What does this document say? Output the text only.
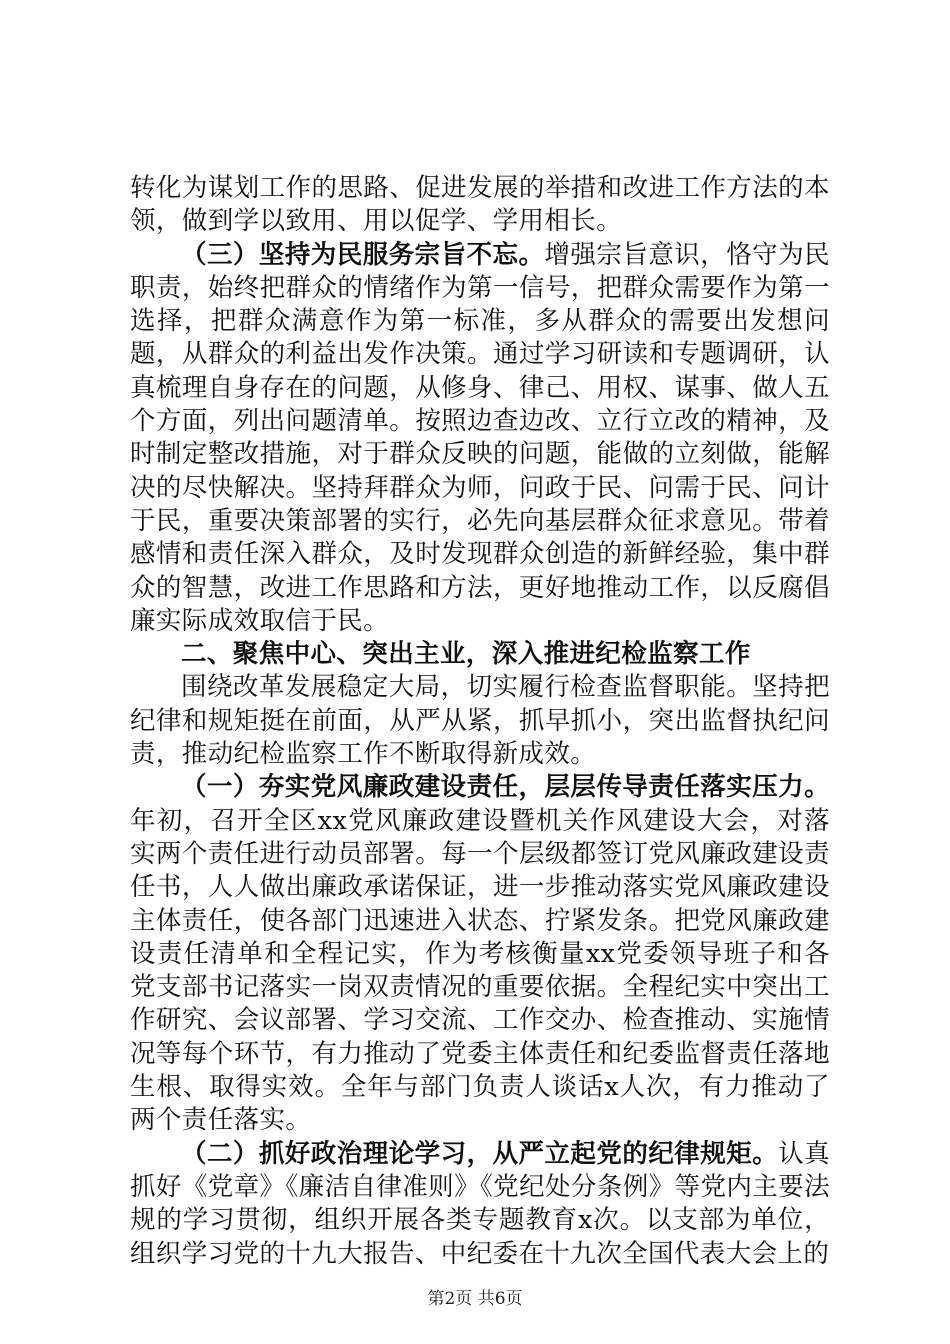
转化为谋划工作的思路、促进发展的举措和改进工作方法的本领，做到学以致用、用以促学、学用相长。

（三）坚持为民服务宗旨不忘。增强宗旨意识，恪守为民职责，始终把群众的情绪作为第一信号，把群众需要作为第一选择，把群众满意作为第一标准，多从群众的需要出发想问题，从群众的利益出发作决策。通过学习研读和专题调研，认真梳理自身存在的问题，从修身、律己、用权、谋事、做人五个方面，列出问题清单。按照边查边改、立行立改的精神，及时制定整改措施，对于群众反映的问题，能做的立刻做，能解决的尽快解决。坚持拜群众为师，问政于民、问需于民、问计于民，重要决策部署的实行，必先向基层群众征求意见。带着感情和责任深入群众，及时发现群众创造的新鲜经验，集中群众的智慧，改进工作思路和方法，更好地推动工作，以反腐倡廉实际成效取信于民。

二、聚焦中心、突出主业，深入推进纪检监察工作

围绕改革发展稳定大局，切实履行检查监督职能。坚持把纪律和规矩挺在前面，从严从紧，抓早抓小，突出监督执纪问责，推动纪检监察工作不断取得新成效。

（一）夯实党风廉政建设责任，层层传导责任落实压力。年初，召开全区xx党风廉政建设暨机关作风建设大会，对落实两个责任进行动员部署。每一个层级都签订党风廉政建设责任书，人人做出廉政承诺保证，进一步推动落实党风廉政建设主体责任，使各部门迅速进入状态、拧紧发条。把党风廉政建设责任清单和全程记实，作为考核衡量xx党委领导班子和各党支部书记落实一岗双责情况的重要依据。全程纪实中突出工作研究、会议部署、学习交流、工作交办、检查推动、实施情况等每个环节，有力推动了党委主体责任和纪委监督责任落地生根、取得实效。全年与部门负责人谈话x人次，有力推动了两个责任落实。

（二）抓好政治理论学习，从严立起党的纪律规矩。认真抓好《党章》《廉洁自律准则》《党纪处分条例》等党内主要法规的学习贯彻，组织开展各类专题教育x次。以支部为单位，组织学习党的十九大报告、中纪委在十九次全国代表大会上的

第2页 共6页
